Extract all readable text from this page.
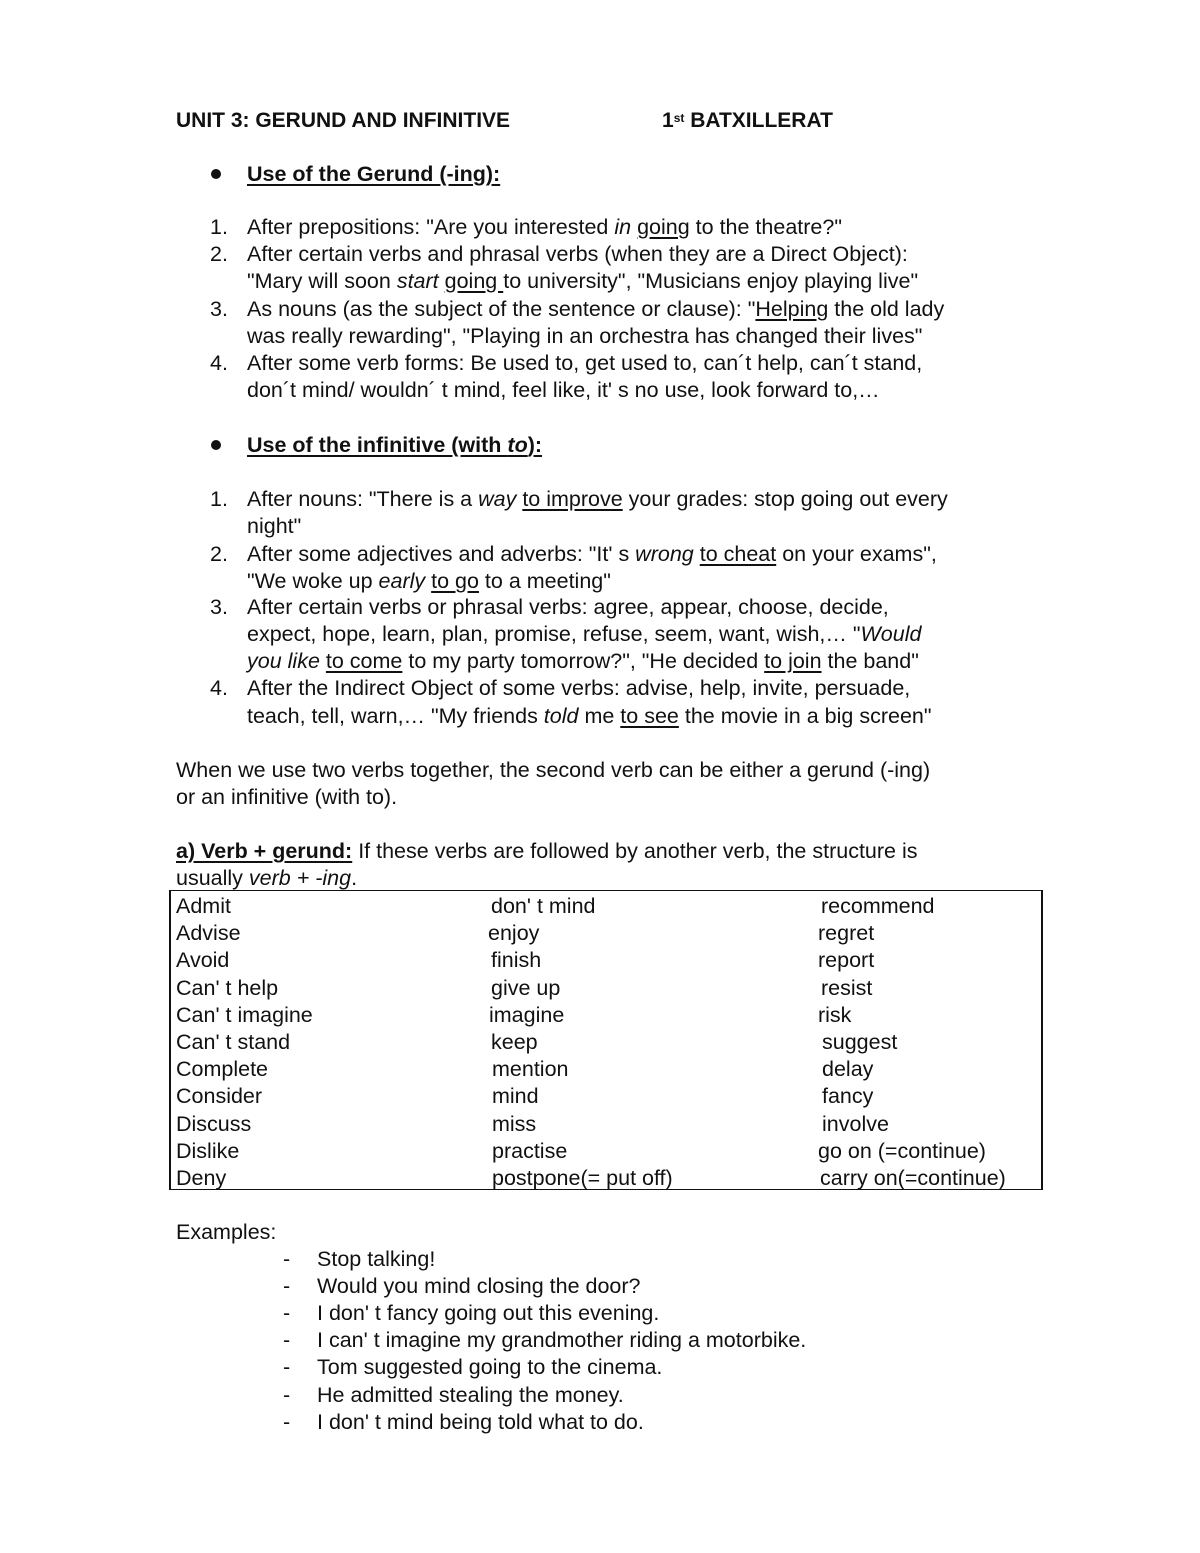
UNIT 3: GERUND AND INFINITIVE	1st BATXILLERAT
Use of the Gerund (-ing):
1. After prepositions: "Are you interested in going to the theatre?"
2. After certain verbs and phrasal verbs (when they are a Direct Object):
"Mary will soon start going to university", "Musicians enjoy playing live"
3. As nouns (as the subject of the sentence or clause): "Helping the old lady
was really rewarding", "Playing in an orchestra has changed their lives"
4. After some verb forms: Be used to, get used to, can´t help, can´t stand,
don´t mind/ wouldn´ t mind, feel like, it' s no use, look forward to,…
Use of the infinitive (with to):
1. After nouns: "There is a way to improve your grades: stop going out every
night"
2. After some adjectives and adverbs: "It' s wrong to cheat on your exams",
"We woke up early to go to a meeting"
3. After certain verbs or phrasal verbs: agree, appear, choose, decide,
expect, hope, learn, plan, promise, refuse, seem, want, wish,… "Would
you like to come to my party tomorrow?", "He decided to join the band"
4. After the Indirect Object of some verbs: advise, help, invite, persuade,
teach, tell, warn,… "My friends told me to see the movie in a big screen"
When we use two verbs together, the second verb can be either a gerund (-ing)
or an infinitive (with to).
a) Verb + gerund: If these verbs are followed by another verb, the structure is
usually verb + -ing.
Admit
Advise
Avoid
Can' t help
Can' t imagine
Can' t stand
Complete
Consider
Discuss
Dislike
Deny
don' t mind
enjoy
finish
give up
imagine
keep
mention
mind
miss
practise
postpone(= put off)
recommend
regret
report
resist
risk
suggest
delay
fancy
involve
go on (=continue)
carry on(=continue)
Examples:
- Stop talking!
- Would you mind closing the door?
- I don' t fancy going out this evening.
- I can' t imagine my grandmother riding a motorbike.
- Tom suggested going to the cinema.
- He admitted stealing the money.
- I don' t mind being told what to do.
